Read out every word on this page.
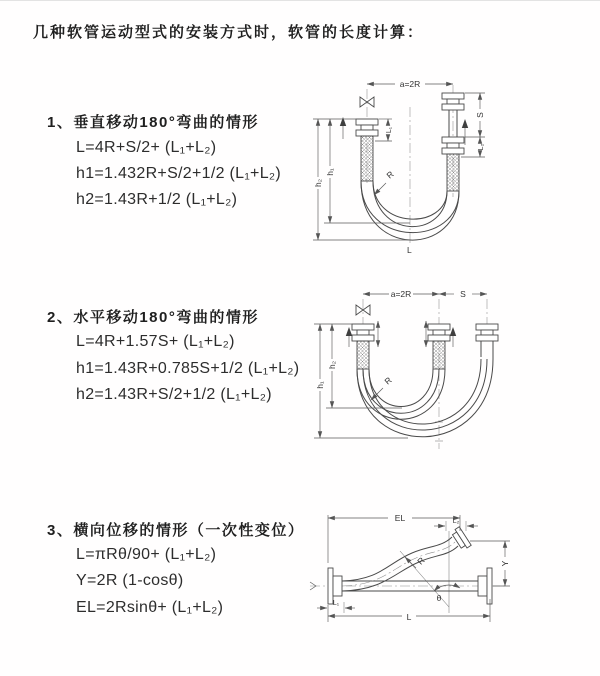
几种软管运动型式的安装方式时，软管的长度计算：
1、垂直移动180°弯曲的情形
L=4R+S/2+ (L₁+L₂)
h1=1.432R+S/2+1/2 (L₁+L₂)
h2=1.43R+1/2 (L₁+L₂)
2、水平移动180°弯曲的情形
L=4R+1.57S+ (L₁+L₂)
h1=1.43R+0.785S+1/2 (L₁+L₂)
h2=1.43R+S/2+1/2 (L₁+L₂)
3、横向位移的情形（一次性变位）
L=πRθ/90+ (L₁+L₂)
Y=2R (1-cosθ)
EL=2Rsinθ+ (L₁+L₂)
a=2R
L₁
S
L₂
h₁
h₂
R
L
a=2R	S
h₂
h₁	R
EL	L₂
Y
θ
R
L₁
L
